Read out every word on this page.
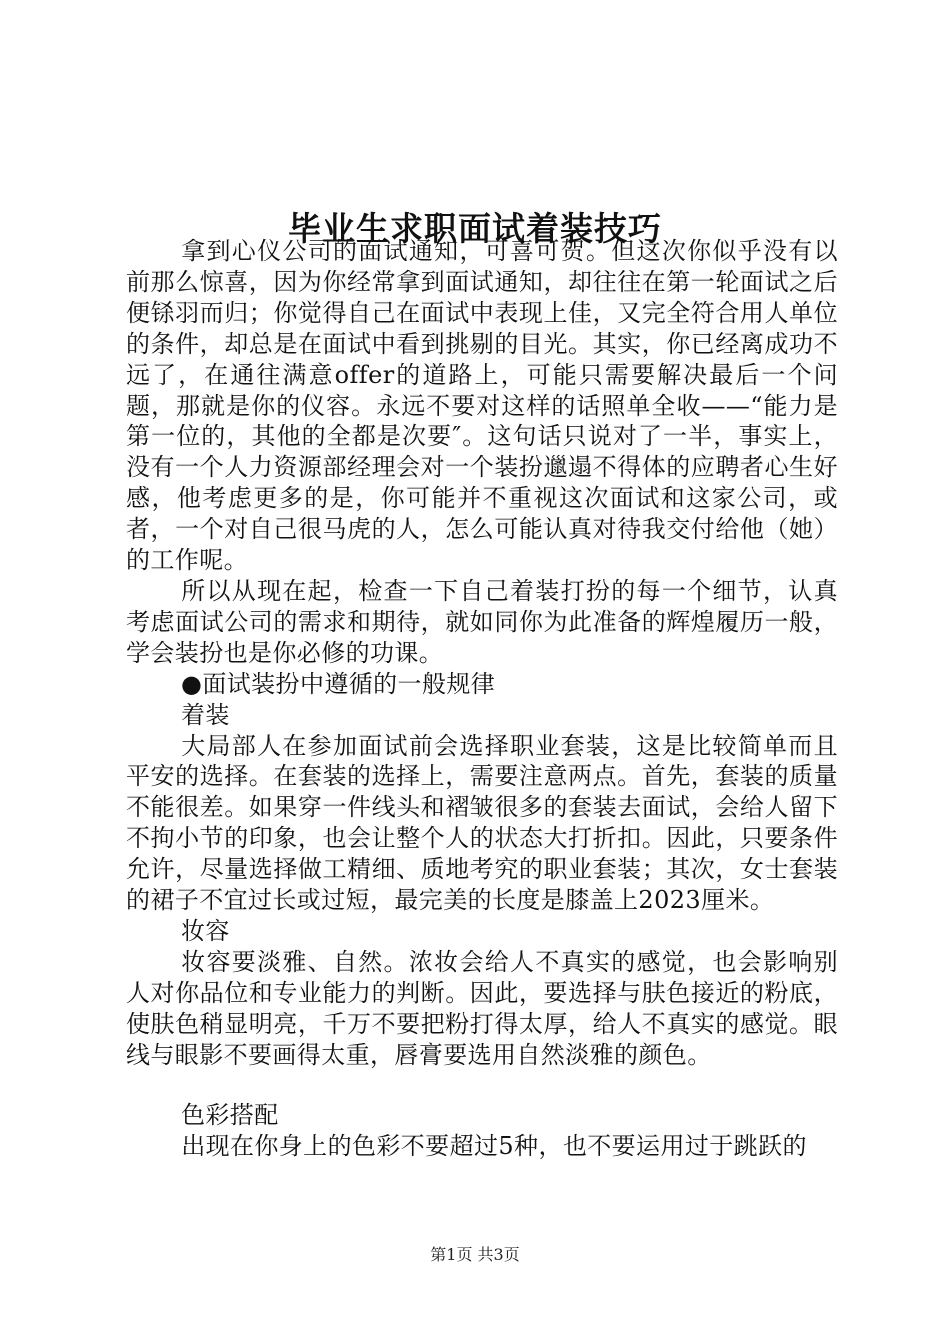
毕业生求职面试着装技巧

拿到心仪公司的面试通知，可喜可贺。但这次你似乎没有以前那么惊喜，因为你经常拿到面试通知，却往往在第一轮面试之后便铩羽而归；你觉得自己在面试中表现上佳，又完全符合用人单位的条件，却总是在面试中看到挑剔的目光。其实，你已经离成功不远了，在通往满意offer的道路上，可能只需要解决最后一个问题，那就是你的仪容。永远不要对这样的话照单全收——“能力是第一位的，其他的全都是次要″。这句话只说对了一半，事实上，没有一个人力资源部经理会对一个装扮邋遢不得体的应聘者心生好感，他考虑更多的是，你可能并不重视这次面试和这家公司，或者，一个对自己很马虎的人，怎么可能认真对待我交付给他（她）的工作呢。

所以从现在起，检查一下自己着装打扮的每一个细节，认真考虑面试公司的需求和期待，就如同你为此准备的辉煌履历一般，学会装扮也是你必修的功课。

●面试装扮中遵循的一般规律

着装

大局部人在参加面试前会选择职业套装，这是比较简单而且平安的选择。在套装的选择上，需要注意两点。首先，套装的质量不能很差。如果穿一件线头和褶皱很多的套装去面试，会给人留下不拘小节的印象，也会让整个人的状态大打折扣。因此，只要条件允许，尽量选择做工精细、质地考究的职业套装；其次，女士套装的裙子不宜过长或过短，最完美的长度是膝盖上2023厘米。

妆容

妆容要淡雅、自然。浓妆会给人不真实的感觉，也会影响别人对你品位和专业能力的判断。因此，要选择与肤色接近的粉底，使肤色稍显明亮，千万不要把粉打得太厚，给人不真实的感觉。眼线与眼影不要画得太重，唇膏要选用自然淡雅的颜色。

色彩搭配

出现在你身上的色彩不要超过5种，也不要运用过于跳跃的

第1页 共3页
